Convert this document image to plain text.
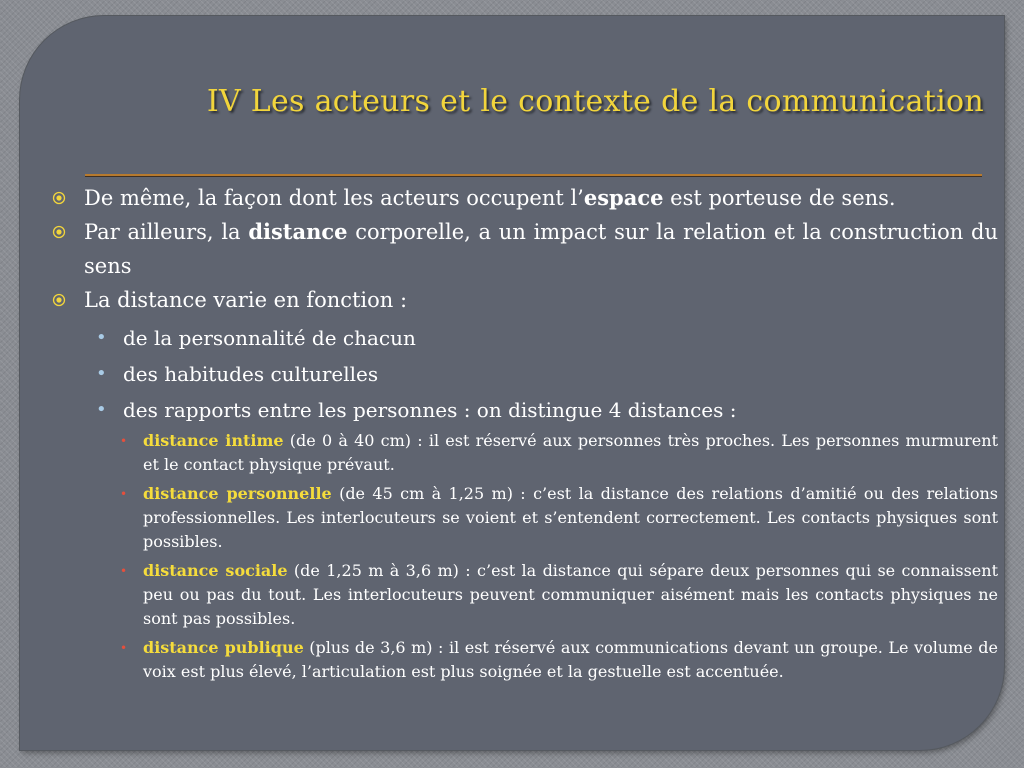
IV Les acteurs et le contexte de la communication

De même, la façon dont les acteurs occupent l’espace est porteuse de sens.

Par ailleurs, la distance corporelle, a un impact sur la relation et la construction du sens

La distance varie en fonction :

• de la personnalité de chacun
• des habitudes culturelles
• des rapports entre les personnes : on distingue 4 distances :
• distance intime (de 0 à 40 cm) : il est réservé aux personnes très proches. Les personnes murmurent et le contact physique prévaut.
• distance personnelle (de 45 cm à 1,25 m) : c’est la distance des relations d’amitié ou des relations professionnelles. Les interlocuteurs se voient et s’entendent correctement. Les contacts physiques sont possibles.
• distance sociale (de 1,25 m à 3,6 m) : c’est la distance qui sépare deux personnes qui se connaissent peu ou pas du tout. Les interlocuteurs peuvent communiquer aisément mais les contacts physiques ne sont pas possibles.
• distance publique (plus de 3,6 m) : il est réservé aux communications devant un groupe. Le volume de voix est plus élevé, l’articulation est plus soignée et la gestuelle est accentuée.
